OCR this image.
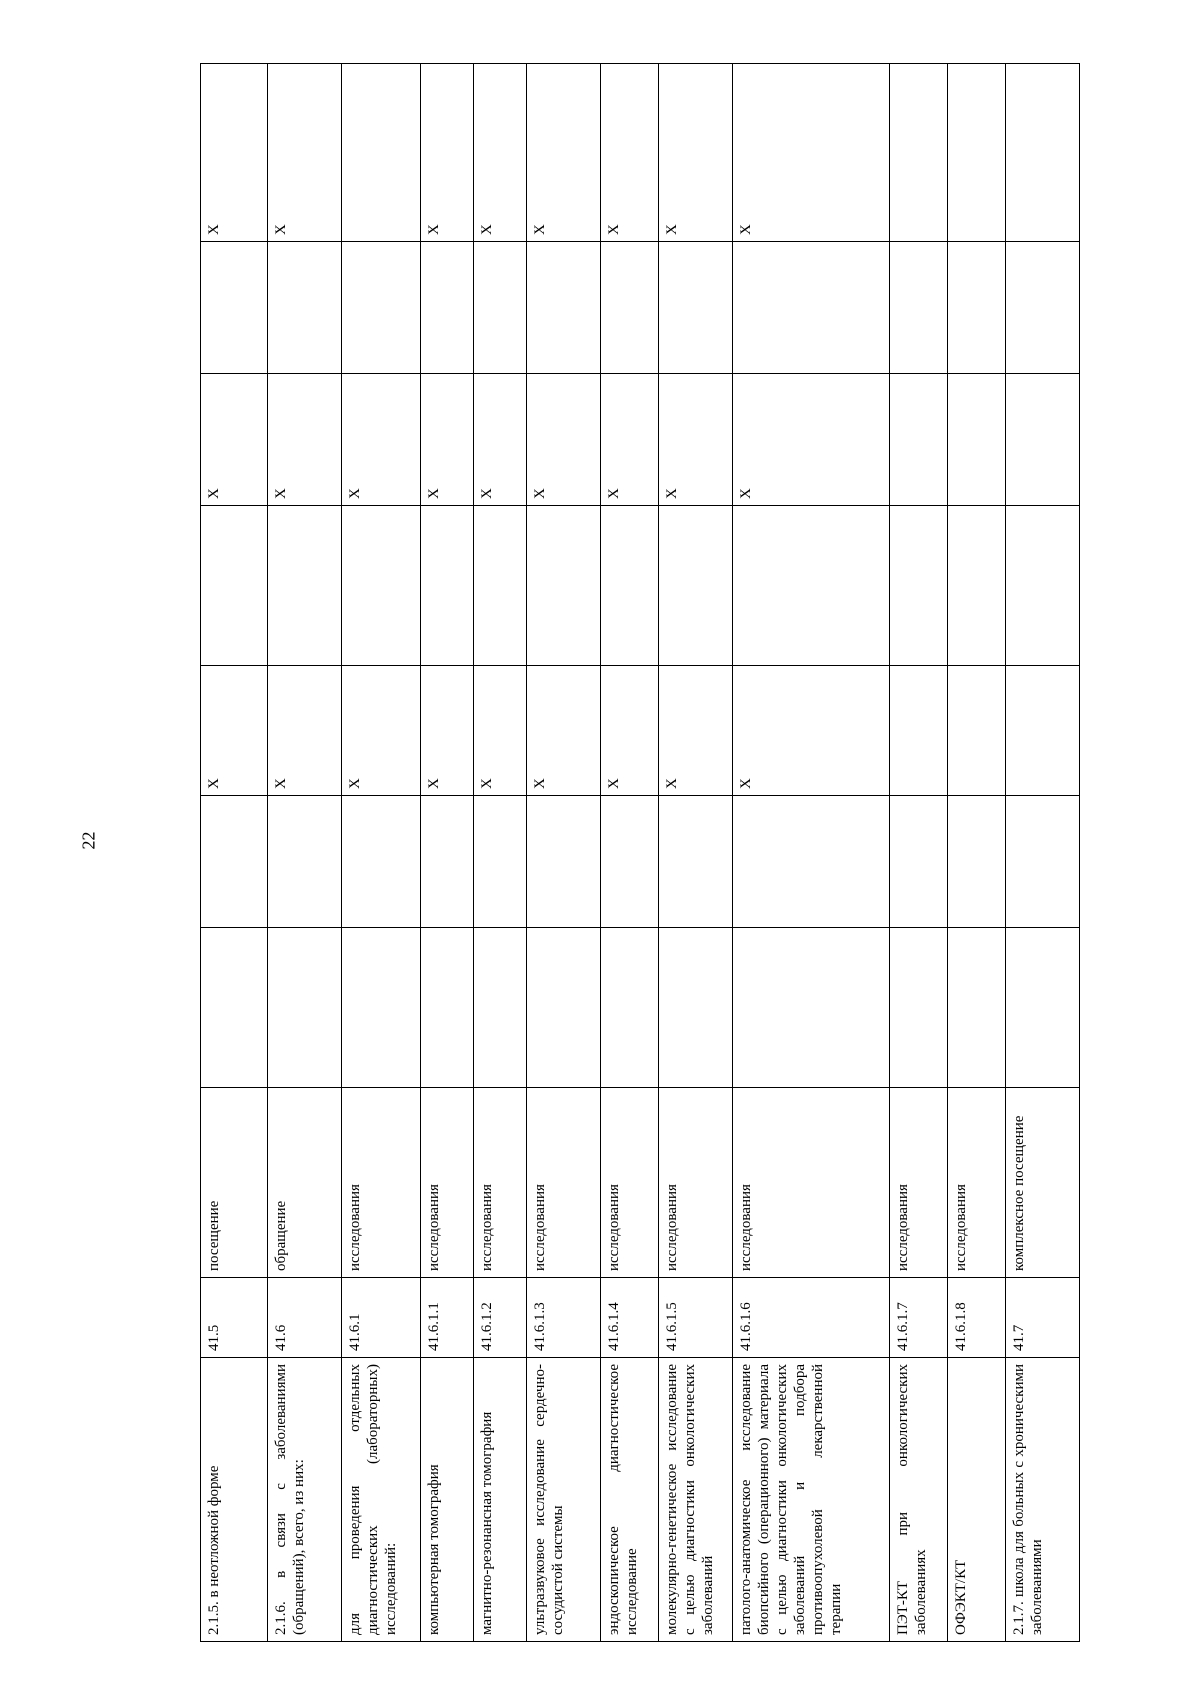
22
2.1.5. в неотложной форме	41.5	посещение			X		X		X
2.1.6. в связи с заболеваниями (обращений), всего, из них:	41.6	обращение			X		X		X
для проведения отдельных диагностических (лабораторных) исследований:	41.6.1	исследования			X		X		
компьютерная томография	41.6.1.1	исследования			X		X		X
магнитно-резонансная томография	41.6.1.2	исследования			X		X		X
ультразвуковое исследование сердечно-сосудистой системы	41.6.1.3	исследования			X		X		X
эндоскопическое диагностическое исследование	41.6.1.4	исследования			X		X		X
молекулярно-генетическое исследование с целью диагностики онкологических заболеваний	41.6.1.5	исследования			X		X		X
патолого-анатомическое исследование биопсийного (операционного) материала с целью диагностики онкологических заболеваний и подбора противоопухолевой лекарственной терапии	41.6.1.6	исследования			X		X		X
ПЭТ-КТ при онкологических заболеваниях	41.6.1.7	исследования							
ОФЭКТ/КТ	41.6.1.8	исследования							
2.1.7. школа для больных с хроническими заболеваниями	41.7	комплексное посещение							
